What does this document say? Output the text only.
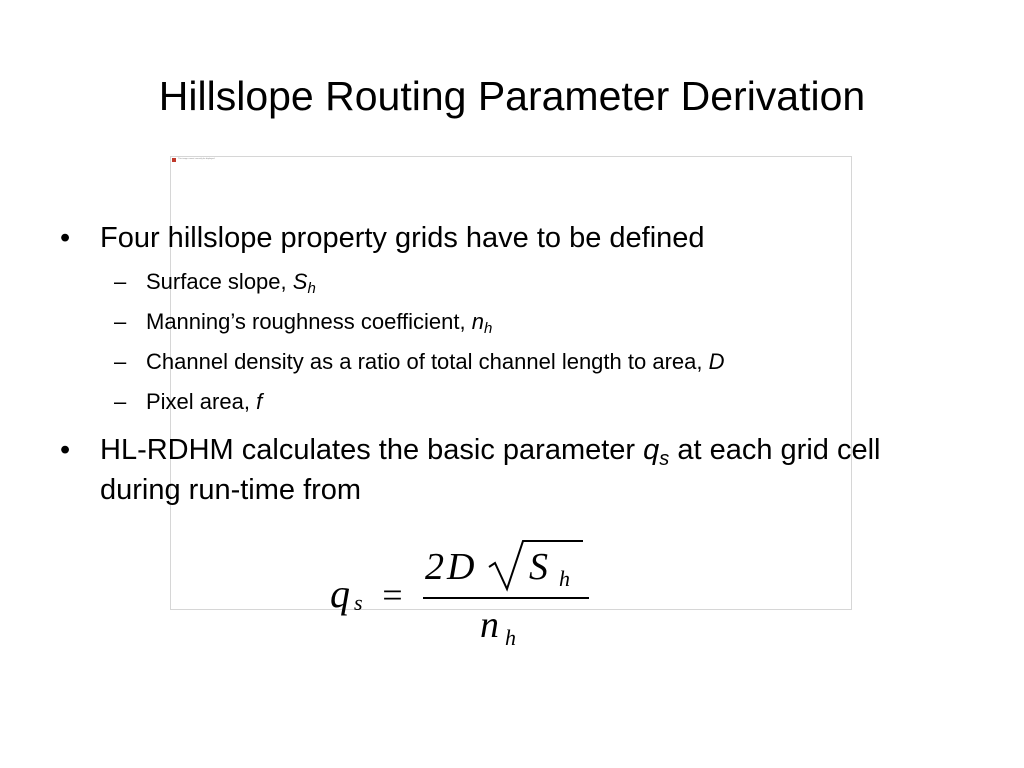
Hillslope Routing Parameter Derivation
This image cannot currently be displayed.
• Four hillslope property grids have to be defined
– Surface slope, $S_h$
– Manning’s roughness coefficient, $n_h$
– Channel density as a ratio of total channel length to area, D
– Pixel area, f
• HL-RDHM calculates the basic parameter $q_s$ at each grid cell during run-time from
q s =
2 D S h
n h
